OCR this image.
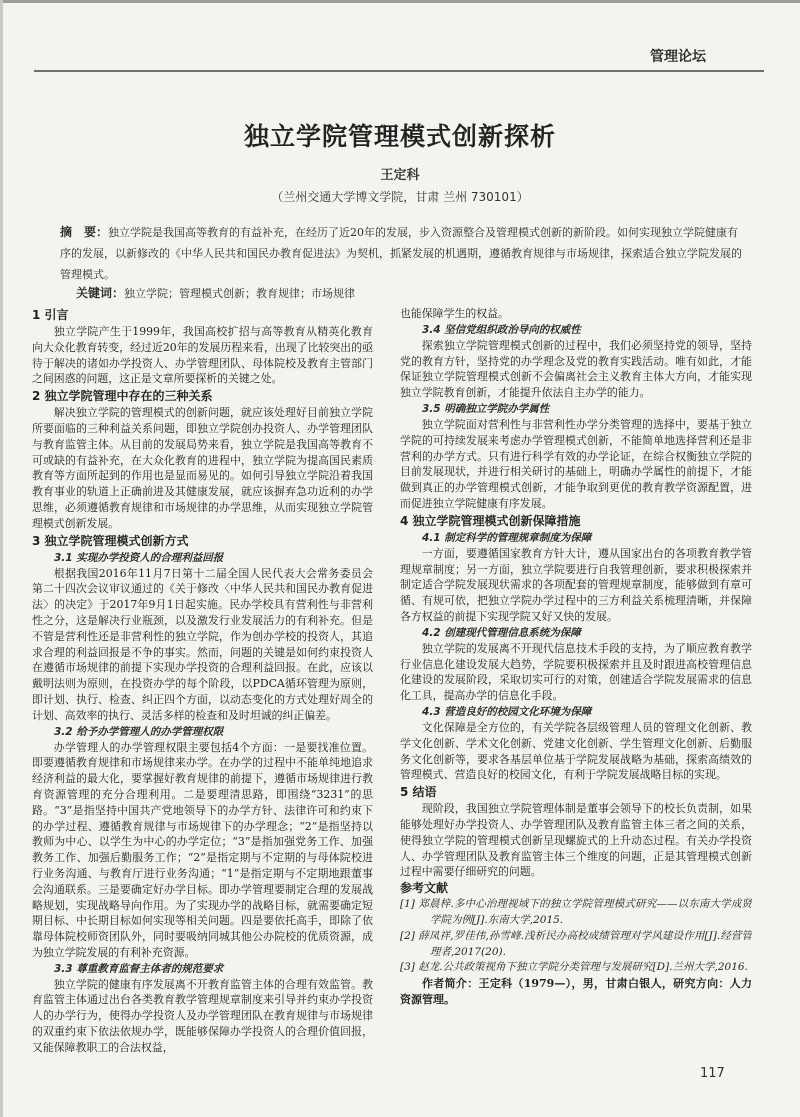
管理论坛
独立学院管理模式创新探析
王定科
（兰州交通大学博文学院，甘肃 兰州 730101）
摘　要：独立学院是我国高等教育的有益补充，在经历了近20年的发展，步入资源整合及管理模式创新的新阶段。如何实现独立学院健康有序的发展，以新修改的《中华人民共和国民办教育促进法》为契机，抓紧发展的机遇期，遵循教育规律与市场规律，探索适合独立学院发展的管理模式。
关键词：独立学院；管理模式创新；教育规律；市场规律
1 引言
独立学院产生于1999年，我国高校扩招与高等教育从精英化教育向大众化教育转变，经过近20年的发展历程来看，出现了比较突出的亟待于解决的诸如办学投资人、办学管理团队、母体院校及教育主管部门之间困惑的问题，这正是文章所要探析的关键之处。
2 独立学院管理中存在的三种关系
解决独立学院的管理模式的创新问题，就应该处理好目前独立学院所要面临的三种利益关系问题，即独立学院创办投资人、办学管理团队与教育监管主体。从目前的发展局势来看，独立学院是我国高等教育不可或缺的有益补充，在大众化教育的进程中，独立学院为提高国民素质教育等方面所起到的作用也是显而易见的。如何引导独立学院沿着我国教育事业的轨道上正确前进及其健康发展，就应该摒弃急功近利的办学思维，必须遵循教育规律和市场规律的办学思维，从而实现独立学院管理模式创新发展。
3 独立学院管理模式创新方式
3.1 实现办学投资人的合理利益回报
根据我国2016年11月7日第十二届全国人民代表大会常务委员会第二十四次会议审议通过的《关于修改〈中华人民共和国民办教育促进法〉的决定》于2017年9月1日起实施。民办学校具有营利性与非营利性之分，这是解决行业瓶颈，以及激发行业发展活力的有利补充。但是不管是营利性还是非营利性的独立学院，作为创办学校的投资人，其追求合理的利益回报是不争的事实。然而，问题的关键是如何约束投资人在遵循市场规律的前提下实现办学投资的合理利益回报。在此，应该以戴明法则为原则，在投资办学的每个阶段，以PDCA循环管理为原则，即计划、执行、检查、纠正四个方面，以动态变化的方式处理好周全的计划、高效率的执行、灵活多样的检查和及时坦诚的纠正偏差。
3.2 给予办学管理人的办学管理权限
办学管理人的办学管理权限主要包括4个方面：一是要找准位置。即要遵循教育规律和市场规律来办学。在办学的过程中不能单纯地追求经济利益的最大化，要掌握好教育规律的前提下，遵循市场规律进行教育资源管理的充分合理利用。二是要理清思路，即围绕“3231”的思路。“3”是指坚持中国共产党地领导下的办学方针、法律许可和约束下的办学过程、遵循教育规律与市场规律下的办学理念；“2”是指坚持以教师为中心、以学生为中心的办学定位；“3”是指加强党务工作、加强教务工作、加强后勤服务工作；“2”是指定期与不定期的与母体院校进行业务沟通、与教育厅进行业务沟通；“1”是指定期与不定期地跟董事会沟通联系。三是要确定好办学目标。即办学管理要制定合理的发展战略规划，实现战略导向作用。为了实现办学的战略目标，就需要确定短期目标、中长期目标如何实现等相关问题。四是要依托高手，即除了依靠母体院校师资团队外，同时要吸纳同城其他公办院校的优质资源，成为独立学院发展的有利补充资源。
3.3 尊重教育监督主体者的规范要求
独立学院的健康有序发展离不开教育监管主体的合理有效监管。教育监管主体通过出台各类教育教学管理规章制度来引导并约束办学投资人的办学行为，使得办学投资人及办学管理团队在教育规律与市场规律的双重约束下依法依规办学，既能够保障办学投资人的合理价值回报，又能保障教职工的合法权益，
也能保障学生的权益。
3.4 坚信党组织政治导向的权威性
探索独立学院管理模式创新的过程中，我们必须坚持党的领导，坚持党的教育方针，坚持党的办学理念及党的教育实践活动。唯有如此，才能保证独立学院管理模式创新不会偏离社会主义教育主体大方向，才能实现独立学院教育创新，才能提升依法自主办学的能力。
3.5 明确独立学院办学属性
独立学院面对营利性与非营利性办学分类管理的选择中，要基于独立学院的可持续发展来考虑办学管理模式创新，不能简单地选择营利还是非营利的办学方式。只有进行科学有效的办学论证，在综合权衡独立学院的目前发展现状，并进行相关研讨的基础上，明确办学属性的前提下，才能做到真正的办学管理模式创新，才能争取到更优的教育教学资源配置，进而促进独立学院健康有序发展。
4 独立学院管理模式创新保障措施
4.1 制定科学的管理规章制度为保障
一方面，要遵循国家教育方针大计，遵从国家出台的各项教育教学管理规章制度；另一方面，独立学院要进行自我管理创新，要求积极探索并制定适合学院发展现状需求的各项配套的管理规章制度，能够做到有章可循、有规可依，把独立学院办学过程中的三方利益关系梳理清晰，并保障各方权益的前提下实现学院又好又快的发展。
4.2 创建现代管理信息系统为保障
独立学院的发展离不开现代信息技术手段的支持，为了顺应教育教学行业信息化建设发展大趋势，学院要积极探索并且及时跟进高校管理信息化建设的发展阶段，采取切实可行的对策，创建适合学院发展需求的信息化工具，提高办学的信息化手段。
4.3 营造良好的校园文化环境为保障
文化保障是全方位的，有关学院各层级管理人员的管理文化创新、教学文化创新、学术文化创新、党建文化创新、学生管理文化创新、后勤服务文化创新等，要求各基层单位基于学院发展战略为基础，探索高绩效的管理模式、营造良好的校园文化，有利于学院发展战略目标的实现。
5 结语
现阶段，我国独立学院管理体制是董事会领导下的校长负责制，如果能够处理好办学投资人、办学管理团队及教育监管主体三者之间的关系，使得独立学院的管理模式创新呈现螺旋式的上升动态过程。有关办学投资人、办学管理团队及教育监管主体三个维度的问题，正是其管理模式创新过程中需要仔细研究的问题。
参考文献
[1] 郑晨梓.多中心治理视域下的独立学院管理模式研究——以东南大学成贤学院为例[J].东南大学,2015.
[2] 薛凤祥,罗佳伟,孙雪峰.浅析民办高校成绩管理对学风建设作用[J].经营管理者,2017(20).
[3] 赵龙.公共政策视角下独立学院分类管理与发展研究[D].兰州大学,2016.
作者简介：王定科（1979—），男，甘肃白银人，研究方向：人力资源管理。
117
